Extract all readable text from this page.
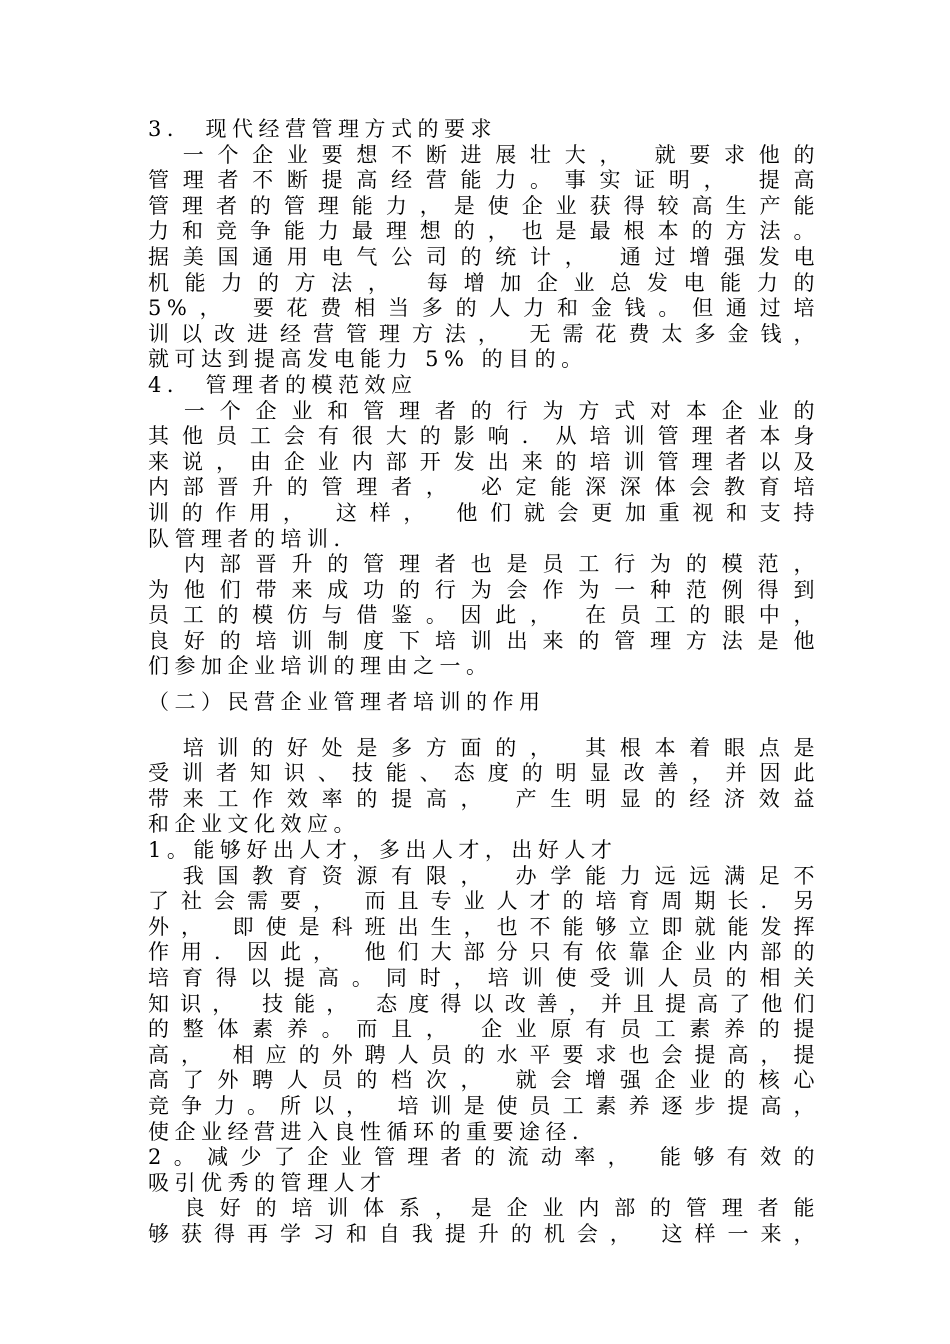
3． 现代经营管理方式的要求
　一个企业要想不断进展壮大， 就要求他的
管理者不断提高经营能力。事实证明， 提高
管理者的管理能力，是使企业获得较高生产能
力和竞争能力最理想的，也是最根本的方法。
据美国通用电气公司的统计， 通过增强发电
机能力的方法， 每增加企业总发电能力的
5%， 要花费相当多的人力和金钱。但通过培
训以改进经营管理方法， 无需花费太多金钱，
就可达到提高发电能力 5% 的目的。
4． 管理者的模范效应
　一个企业和管理者的行为方式对本企业的
其他员工会有很大的影响．从培训管理者本身
来说，由企业内部开发出来的培训管理者以及
内部晋升的管理者， 必定能深深体会教育培
训的作用， 这样， 他们就会更加重视和支持
队管理者的培训．
　内部晋升的管理者也是员工行为的模范，
为他们带来成功的行为会作为一种范例得到
员工的模仿与借鉴。因此， 在员工的眼中，
良好的培训制度下培训出来的管理方法是他
们参加企业培训的理由之一。
（二）民营企业管理者培训的作用
　培训的好处是多方面的， 其根本着眼点是
受训者知识、技能、态度的明显改善，并因此
带来工作效率的提高， 产生明显的经济效益
和企业文化效应。
1。能够好出人才，多出人才，出好人才
　我国教育资源有限， 办学能力远远满足不
了社会需要， 而且专业人才的培育周期长．另
外， 即使是科班出生，也不能够立即就能发挥
作用．因此， 他们大部分只有依靠企业内部的
培育得以提高。同时，培训使受训人员的相关
知识， 技能， 态度得以改善，并且提高了他们
的整体素养。而且， 企业原有员工素养的提
高， 相应的外聘人员的水平要求也会提高，提
高了外聘人员的档次， 就会增强企业的核心
竞争力。所以， 培训是使员工素养逐步提高，
使企业经营进入良性循环的重要途径．
2。减少了企业管理者的流动率， 能够有效的
吸引优秀的管理人才
　良好的培训体系，是企业内部的管理者能
够获得再学习和自我提升的机会， 这样一来，
